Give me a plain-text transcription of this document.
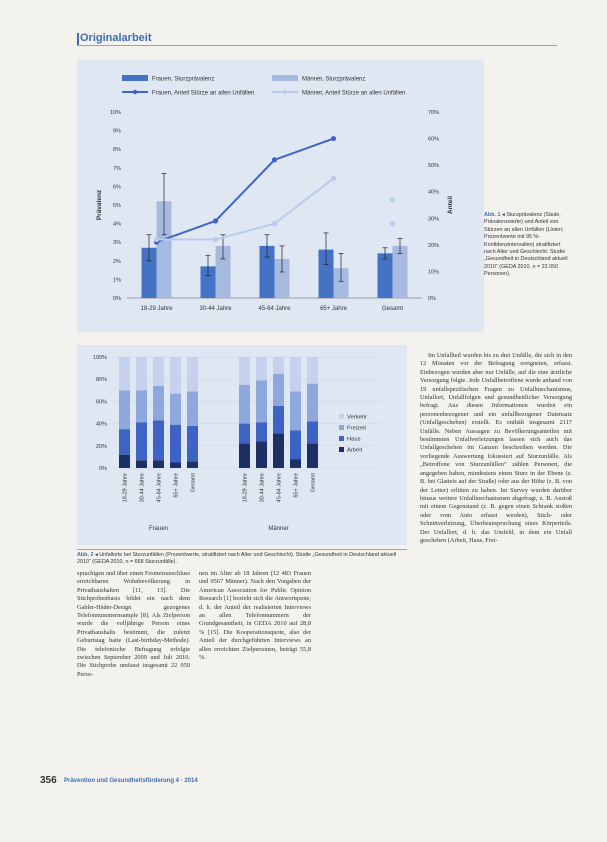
Originalarbeit
Frauen, Sturzprävalenz	Männer, Sturzprävalenz
Frauen, Anteil Stürze an allen Unfällen	Männer, Anteil Stürze an allen Unfällen
0%
1%
2%
3%
4%
5%
6%
7%
8%
9%
10%
0%
10%
20%
30%
40%
50%
60%
70%
Prävalenz	Anteil
18-29 Jahre	30-44 Jahre	45-64 Jahre	65+ Jahre	Gesamt
Abb. 1 ◂ Sturzprävalenz (Säule, Prävalenzwerte) und Anteil von Stürzen an allen Unfällen (Linien; Prozentwerte mit 95 %-Konfidenzintervallen) stratifiziert nach Alter und Geschlecht. Studie „Gesundheit in Deutschland aktuell 2010“ (GEDA 2010, n = 22 050 Personen).
0%
20%
40%
60%
80%
100%
18-29 Jahre 30-44 Jahre 45-64 Jahre 65+ Jahre Gesamt
Frauen
18-29 Jahre 30-44 Jahre 45-64 Jahre 65+ Jahre Gesamt
Männer
Verkehr
Freizeit
Haus
Arbeit
Abb. 2 ◂ Unfallorte bei Sturzunfällen (Prozentwerte, stratifiziert nach Alter und Geschlecht). Studie „Gesundheit in Deutschland aktuell 2010“ (GEDA 2010, n = 668 Sturzunfälle).

sprachigen und über einen Festnetzanschluss erreichbaren Wohnbevölkerung in Privathaushalten [11, 13]. Die Stichprobenbasis bildet ein nach dem Gabler-Häder-Design gezogenes Telefonnummernsample [8]. Als Zielperson wurde die volljährige Person eines Privathaushalts bestimmt, die zuletzt Geburtstag hatte (Last-birthday-Methode). Die telefonische Befragung erfolgte zwischen September 2009 und Juli 2010. Die Stichprobe umfasst insgesamt 22 050 Perso-

nen im Alter ab 18 Jahren (12 483 Frauen und 9567 Männer). Nach den Vorgaben der American Association for Public Opinion Research [1] bezieht sich die Antwortquote, d. h. der Anteil der realisierten Interviews an allen Telefonnummern der Grundgesamtheit, in GEDA 2010 auf 28,8 % [15]. Die Kooperationsquote, also der Anteil der durchgeführten Interviews an allen erreichten Zielpersonen, beträgt 55,8 %.

Im Unfallteil wurden bis zu drei Unfälle, die sich in den 12 Monaten vor der Befragung ereigneten, erfasst. Einbezogen wurden aber nur Unfälle, auf die eine ärztliche Versorgung folgte. Jede Unfallbetroffene wurde anhand von 19 unfallspezifischen Fragen zu Unfallmechanismus, Unfallort, Unfallfolgen und gesundheitlicher Versorgung befragt. Aus diesen Informationen wurden ein personenbezogener und ein unfallbezogener Datensatz (Unfallgeschehen) erstellt. Es enthält insgesamt 2117 Unfälle. Neben Aussagen zu Bevölkerungsanteilen mit bestimmten Unfallverletzungen lassen sich auch das Unfallgeschehen im Ganzen beschreiben werden. Die vorliegende Auswertung fokussiert auf Sturzunfälle. Als „Betroffene von Sturzunfällen“ zählen Personen, die angegeben haben, mindestens einen Sturz in der Ebene (z. B. bei Glatteis auf der Straße) oder aus der Höhe (z. B. von der Leiter) erlitten zu haben. Im Survey wurden darüber hinaus weitere Unfallmechanismen abgefragt, z. B. Anstoß mit einem Gegenstand (z. B. gegen einen Schrank stoßen oder vom Auto erfasst werden), Stich- oder Schnittverletzung, Überbeanspruchung eines Körperteils. Der Unfallort, d. h. das Umfeld, in dem ein Unfall geschehen (Arbeit, Haus, Frei-

356 Prävention und Gesundheitsförderung 4 · 2014
